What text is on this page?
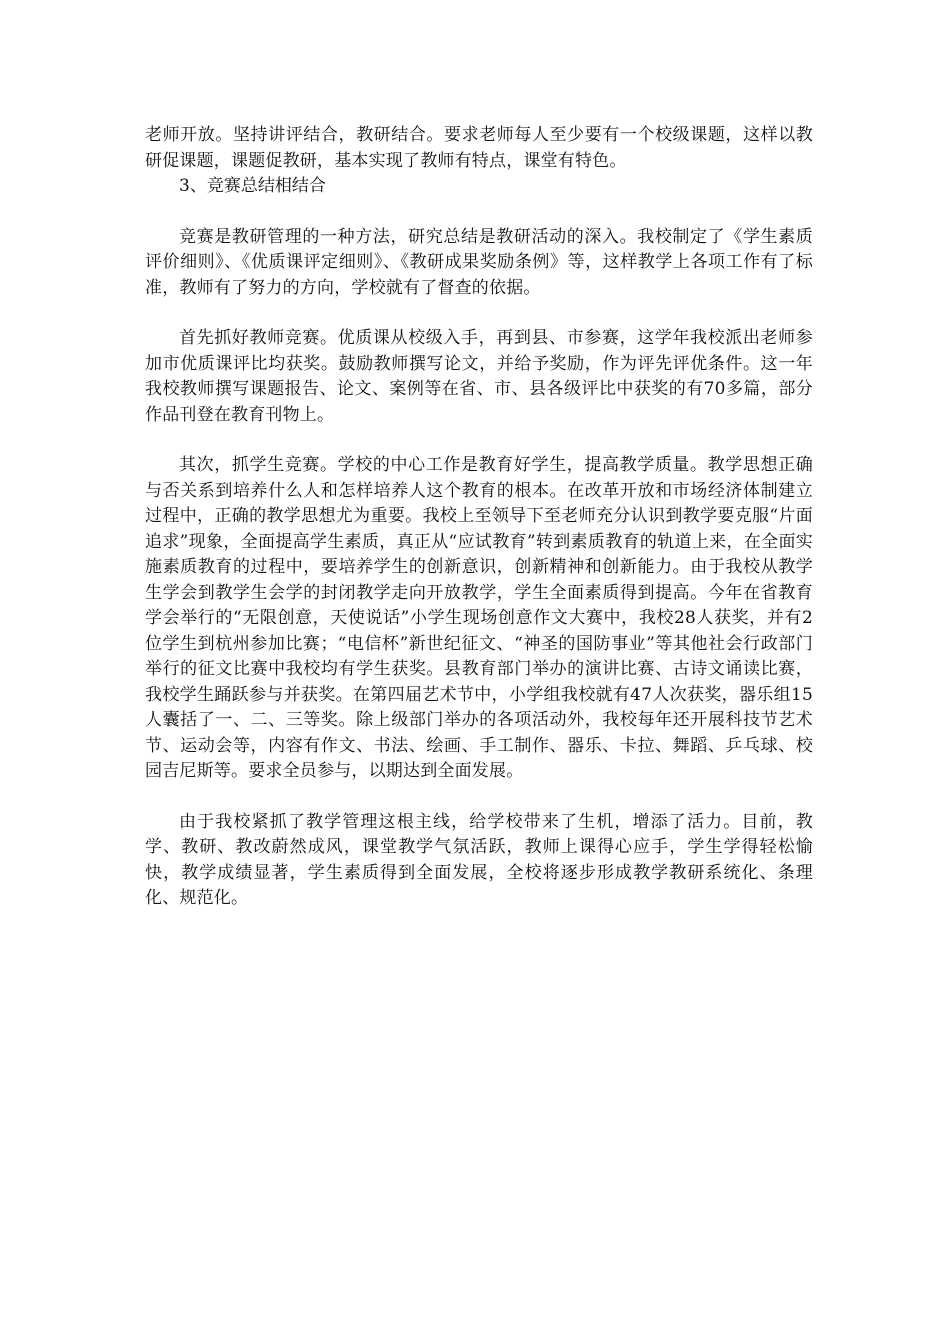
老师开放。坚持讲评结合，教研结合。要求老师每人至少要有一个校级课题，这样以教研促课题，课题促教研，基本实现了教师有特点，课堂有特色。

3、竞赛总结相结合

竞赛是教研管理的一种方法，研究总结是教研活动的深入。我校制定了《学生素质评价细则》、《优质课评定细则》、《教研成果奖励条例》等，这样教学上各项工作有了标准，教师有了努力的方向，学校就有了督查的依据。

首先抓好教师竞赛。优质课从校级入手，再到县、市参赛，这学年我校派出老师参加市优质课评比均获奖。鼓励教师撰写论文，并给予奖励，作为评先评优条件。这一年我校教师撰写课题报告、论文、案例等在省、市、县各级评比中获奖的有70多篇，部分作品刊登在教育刊物上。

其次，抓学生竞赛。学校的中心工作是教育好学生，提高教学质量。教学思想正确与否关系到培养什么人和怎样培养人这个教育的根本。在改革开放和市场经济体制建立过程中，正确的教学思想尤为重要。我校上至领导下至老师充分认识到教学要克服“片面追求”现象，全面提高学生素质，真正从“应试教育”转到素质教育的轨道上来，在全面实施素质教育的过程中，要培养学生的创新意识，创新精神和创新能力。由于我校从教学生学会到教学生会学的封闭教学走向开放教学，学生全面素质得到提高。今年在省教育学会举行的“无限创意，天使说话”小学生现场创意作文大赛中，我校28人获奖，并有2位学生到杭州参加比赛；“电信杯”新世纪征文、“神圣的国防事业”等其他社会行政部门举行的征文比赛中我校均有学生获奖。县教育部门举办的演讲比赛、古诗文诵读比赛，我校学生踊跃参与并获奖。在第四届艺术节中，小学组我校就有47人次获奖，器乐组15人囊括了一、二、三等奖。除上级部门举办的各项活动外，我校每年还开展科技节艺术节、运动会等，内容有作文、书法、绘画、手工制作、器乐、卡拉、舞蹈、乒乓球、校园吉尼斯等。要求全员参与，以期达到全面发展。

由于我校紧抓了教学管理这根主线，给学校带来了生机，增添了活力。目前，教学、教研、教改蔚然成风，课堂教学气氛活跃，教师上课得心应手，学生学得轻松愉快，教学成绩显著，学生素质得到全面发展，全校将逐步形成教学教研系统化、条理化、规范化。
